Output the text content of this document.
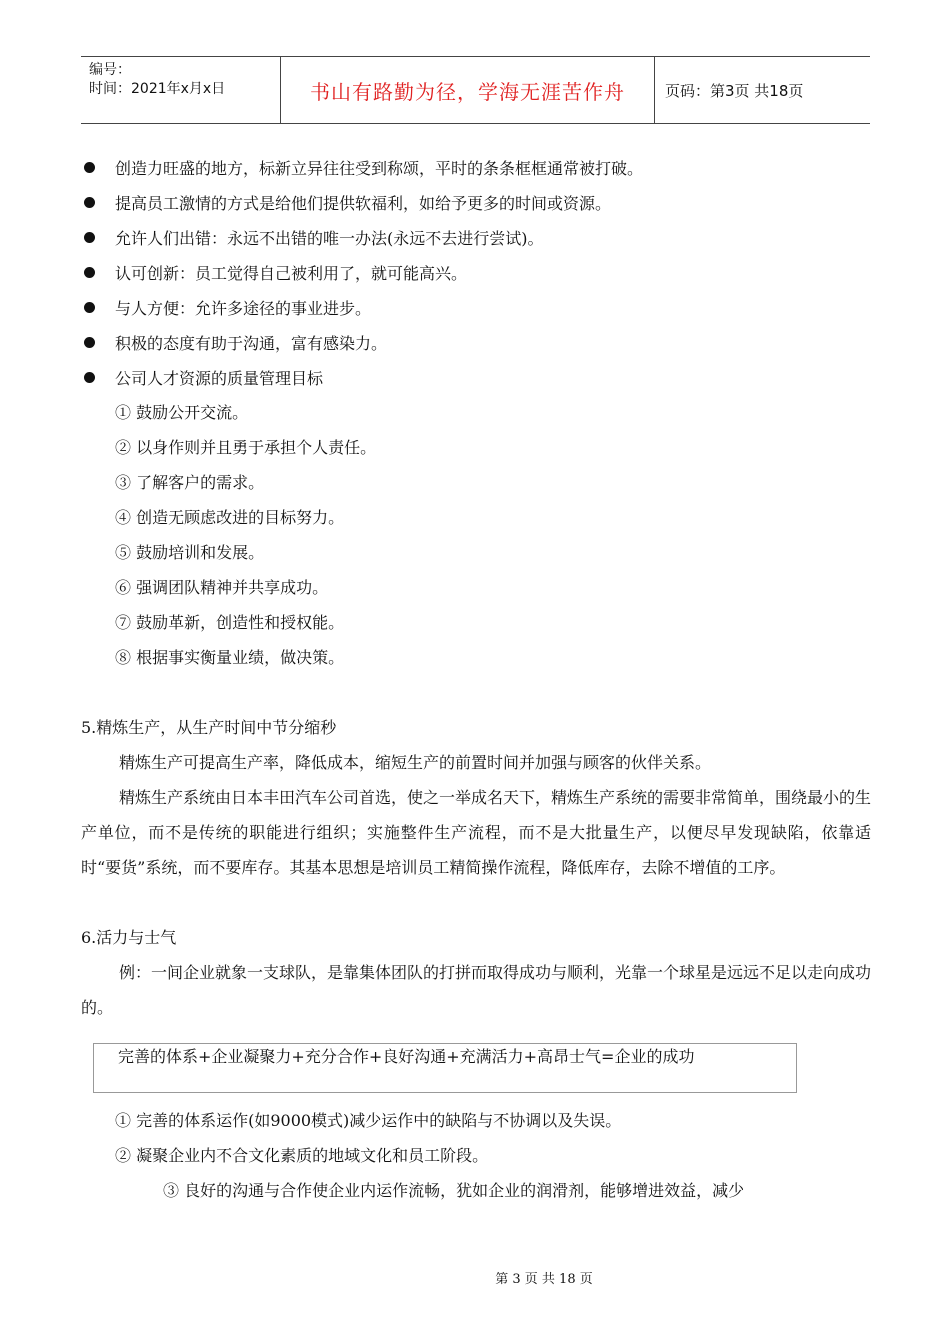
编号：
时间：2021年x月x日	书山有路勤为径，学海无涯苦作舟	页码：第3页 共18页
创造力旺盛的地方，标新立异往往受到称颂，平时的条条框框通常被打破。
提高员工激情的方式是给他们提供软福利，如给予更多的时间或资源。
允许人们出错：永远不出错的唯一办法(永远不去进行尝试)。
认可创新：员工觉得自己被利用了，就可能高兴。
与人方便：允许多途径的事业进步。
积极的态度有助于沟通，富有感染力。
公司人才资源的质量管理目标
① 鼓励公开交流。
② 以身作则并且勇于承担个人责任。
③ 了解客户的需求。
④ 创造无顾虑改进的目标努力。
⑤ 鼓励培训和发展。
⑥ 强调团队精神并共享成功。
⑦ 鼓励革新，创造性和授权能。
⑧ 根据事实衡量业绩，做决策。
5.精炼生产，从生产时间中节分缩秒
精炼生产可提高生产率，降低成本，缩短生产的前置时间并加强与顾客的伙伴关系。
精炼生产系统由日本丰田汽车公司首选，使之一举成名天下，精炼生产系统的需要非常简单，围绕最小的生产单位，而不是传统的职能进行组织；实施整件生产流程，而不是大批量生产，以便尽早发现缺陷，依靠适时“要货”系统，而不要库存。其基本思想是培训员工精简操作流程，降低库存，去除不增值的工序。
6.活力与士气
例：一间企业就象一支球队，是靠集体团队的打拼而取得成功与顺利，光靠一个球星是远远不足以走向成功的。
完善的体系+企业凝聚力+充分合作+良好沟通+充满活力+高昂士气=企业的成功
① 完善的体系运作(如9000模式)减少运作中的缺陷与不协调以及失误。
② 凝聚企业内不合文化素质的地域文化和员工阶段。
③ 良好的沟通与合作使企业内运作流畅，犹如企业的润滑剂，能够增进效益，减少
第 3 页 共 18 页
